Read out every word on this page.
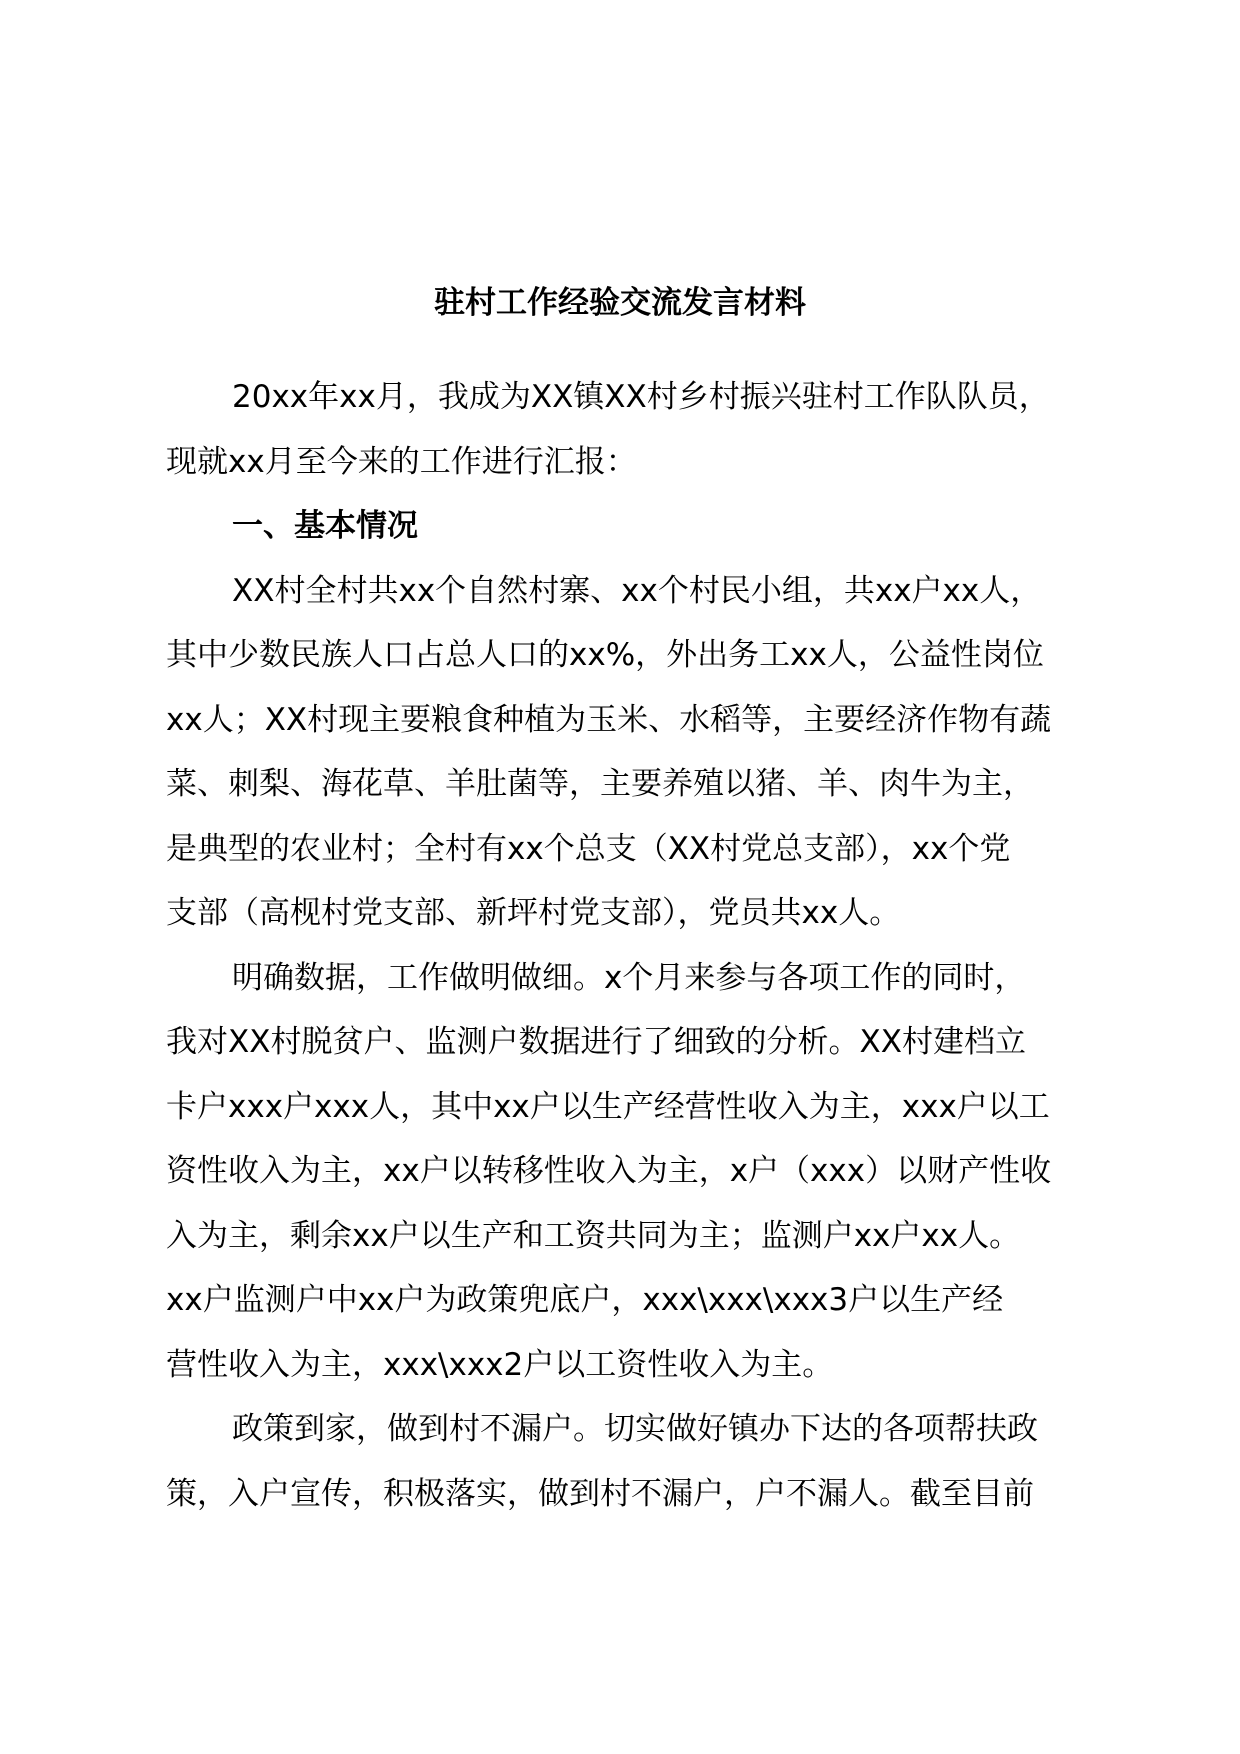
驻村工作经验交流发言材料

20xx年xx月，我成为XX镇XX村乡村振兴驻村工作队队员，

现就xx月至今来的工作进行汇报：

一、基本情况

XX村全村共xx个自然村寨、xx个村民小组，共xx户xx人，

其中少数民族人口占总人口的xx%，外出务工xx人，公益性岗位

xx人；XX村现主要粮食种植为玉米、水稻等，主要经济作物有蔬

菜、刺梨、海花草、羊肚菌等，主要养殖以猪、羊、肉牛为主，

是典型的农业村；全村有xx个总支（XX村党总支部），xx个党

支部（高枧村党支部、新坪村党支部），党员共xx人。

明确数据，工作做明做细。x个月来参与各项工作的同时，

我对XX村脱贫户、监测户数据进行了细致的分析。XX村建档立

卡户xxx户xxx人，其中xx户以生产经营性收入为主，xxx户以工

资性收入为主，xx户以转移性收入为主，x户（xxx）以财产性收

入为主，剩余xx户以生产和工资共同为主；监测户xx户xx人。

xx户监测户中xx户为政策兜底户，xxx\xxx\xxx3户以生产经

营性收入为主，xxx\xxx2户以工资性收入为主。

政策到家，做到村不漏户。切实做好镇办下达的各项帮扶政

策，入户宣传，积极落实，做到村不漏户，户不漏人。截至目前
